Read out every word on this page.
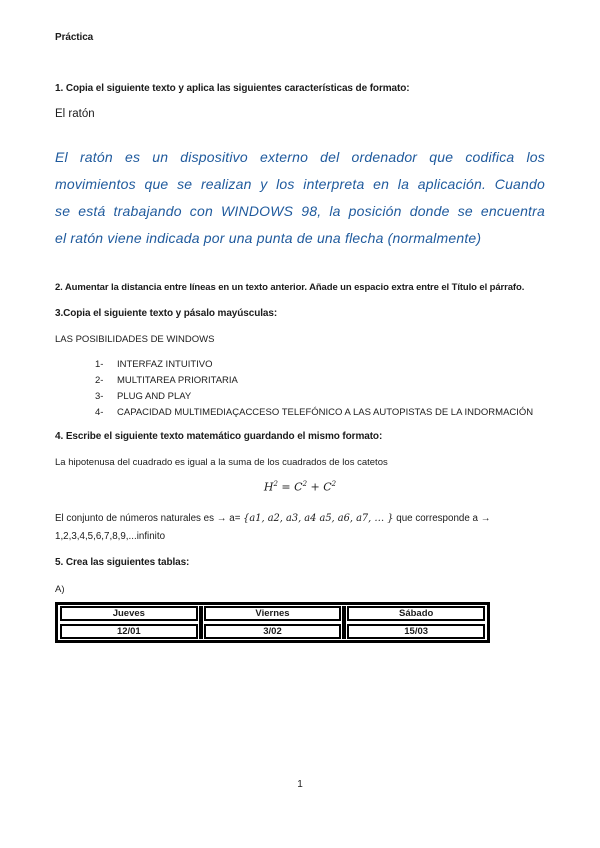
Práctica
1. Copia el siguiente texto y aplica las siguientes características de formato:
El ratón
El ratón es un dispositivo externo del ordenador que codifica los
movimientos que se realizan y los interpreta en la aplicación. Cuando
se está trabajando con WINDOWS 98, la posición donde se encuentra
el ratón viene indicada por una punta de una flecha (normalmente)
2. Aumentar la distancia entre líneas en un texto anterior. Añade un espacio extra entre el Título el párrafo.
3.Copia el siguiente texto y pásalo mayúsculas:
LAS POSIBILIDADES DE WINDOWS
1-	INTERFAZ INTUITIVO
2-	MULTITAREA PRIORITARIA
3-	PLUG AND PLAY
4-	CAPACIDAD MULTIMEDIAÇACCESO TELEFÓNICO A LAS AUTOPISTAS DE LA INDORMACIÓN
4. Escribe el siguiente texto matemático guardando el mismo formato:
La hipotenusa del cuadrado es igual a la suma de los cuadrados de los catetos
$H^2 = C^2 + C^2$
El conjunto de números naturales es → a= {a1, a2, a3, a4 a5, a6, a7, … } que corresponde a →
1,2,3,4,5,6,7,8,9,...infinito
5. Crea las siguientes tablas:
A)
Jueves	Viernes	Sábado
12/01	3/02	15/03
1
